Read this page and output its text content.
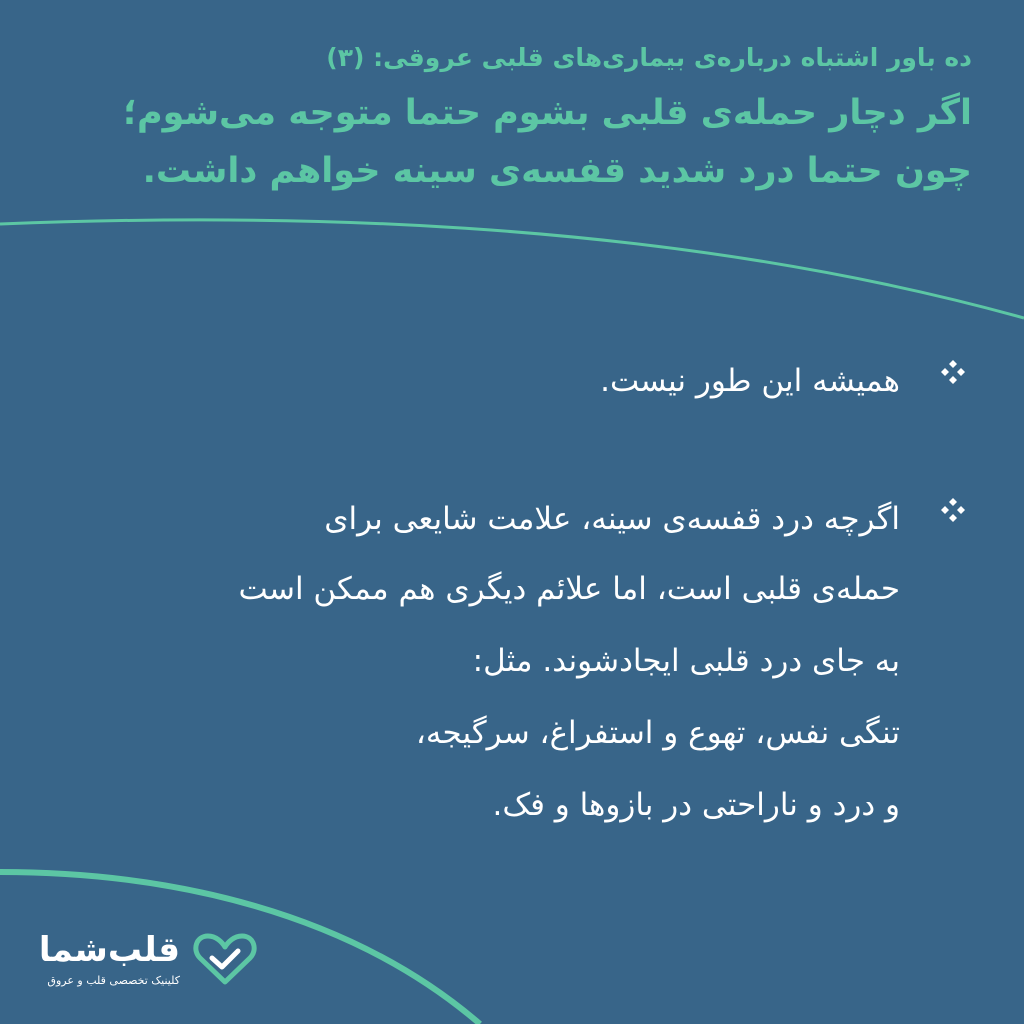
ده باور اشتباه درباره‌ی بیماری‌های قلبی عروقی: (۳)

اگر دچار حمله‌ی قلبی بشوم حتما متوجه می‌شوم؛
چون حتما درد شدید قفسه‌ی سینه خواهم داشت.
همیشه این طور نیست.
اگرچه درد قفسه‌ی سینه، علامت شایعی برای
حمله‌ی قلبی است، اما علائم دیگری هم ممکن است
به جای درد قلبی ایجادشوند. مثل:
تنگی نفس، تهوع و استفراغ، سرگیجه،
و درد و ناراحتی در بازوها و فک.
قلب‌شما
کلینیک تخصصی قلب و عروق
